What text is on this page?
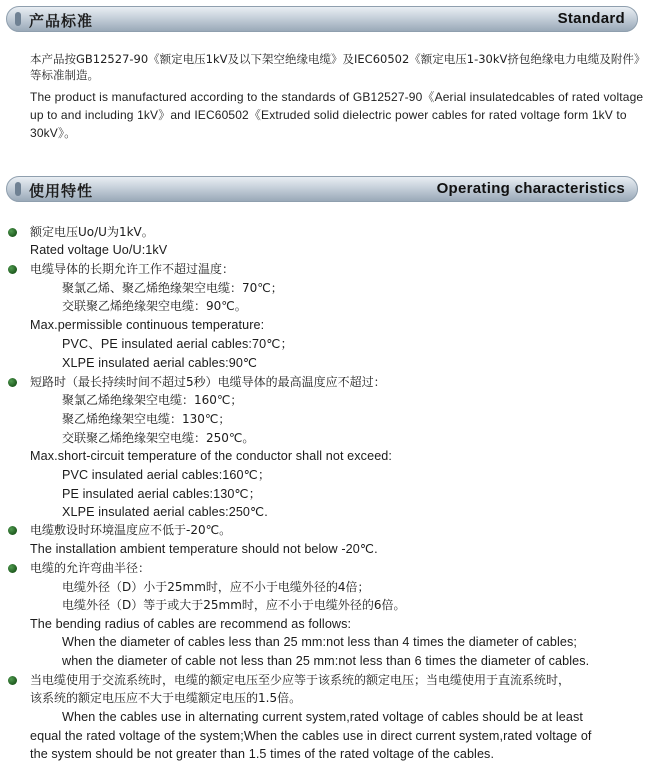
产品标准	Standard
本产品按GB12527-90《额定电压1kV及以下架空绝缘电缆》及IEC60502《额定电压1-30kV挤包绝缘电力电缆及附件》等标准制造。
The product is manufactured according to the standards of GB12527-90《Aerial insulatedcables of rated voltage up to and including 1kV》and IEC60502《Extruded solid dielectric power cables for rated voltage form 1kV to 30kV》。
使用特性	Operating characteristics
额定电压Uo/U为1kV。
Rated voltage Uo/U:1kV
电缆导体的长期允许工作不超过温度：
聚氯乙烯、聚乙烯绝缘架空电缆：70℃；
交联聚乙烯绝缘架空电缆：90℃。
Max.permissible continuous temperature:
PVC、PE insulated aerial cables:70℃；
XLPE insulated aerial cables:90℃
短路时（最长持续时间不超过5秒）电缆导体的最高温度应不超过：
聚氯乙烯绝缘架空电缆：160℃；
聚乙烯绝缘架空电缆：130℃；
交联聚乙烯绝缘架空电缆：250℃。
Max.short-circuit temperature of the conductor shall not exceed:
PVC insulated aerial cables:160℃；
PE insulated aerial cables:130℃；
XLPE insulated aerial cables:250℃.
电缆敷设时环境温度应不低于-20℃。
The installation ambient temperature should not below -20℃.
电缆的允许弯曲半径：
电缆外径（D）小于25mm时，应不小于电缆外径的4倍；
电缆外径（D）等于或大于25mm时，应不小于电缆外径的6倍。
The bending radius of cables are recommend as follows:
When the diameter of cables less than 25 mm:not less than 4 times the diameter of cables;
when the diameter of cable not less than 25 mm:not less than 6 times the diameter of cables.
当电缆使用于交流系统时，电缆的额定电压至少应等于该系统的额定电压；当电缆使用于直流系统时，
该系统的额定电压应不大于电缆额定电压的1.5倍。
When the cables use in alternating current system,rated voltage of cables should be at least
equal the rated voltage of the system;When the cables use in direct current system,rated voltage of
the system should be not greater than 1.5 times of the rated voltage of the cables.
